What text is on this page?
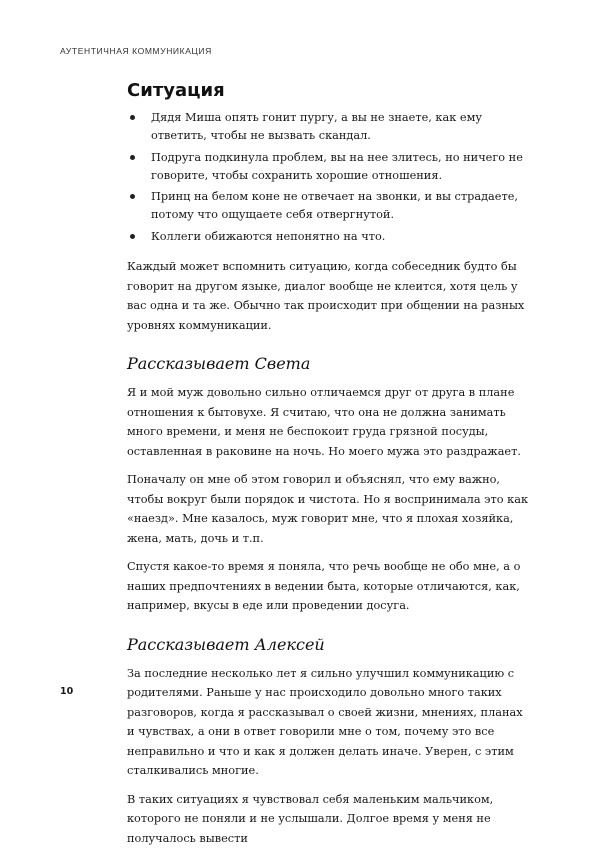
АУТЕНТИЧНАЯ КОММУНИКАЦИЯ
Ситуация

Дядя Миша опять гонит пургу, а вы не знаете, как ему ответить, чтобы не вызвать скандал.

Подруга подкинула проблем, вы на нее злитесь, но ничего не говорите, чтобы сохранить хорошие отношения.

Принц на белом коне не отвечает на звонки, и вы страдаете, потому что ощущаете себя отвергнутой.

Коллеги обижаются непонятно на что.

Каждый может вспомнить ситуацию, когда собеседник будто бы говорит на другом языке, диалог вообще не клеится, хотя цель у вас одна и та же. Обычно так происходит при общении на разных уровнях коммуникации.

Рассказывает Света

Я и мой муж довольно сильно отличаемся друг от друга в плане отношения к бытовухе. Я считаю, что она не должна занимать много времени, и меня не беспокоит груда грязной посуды, оставленная в раковине на ночь. Но моего мужа это раздражает.

Поначалу он мне об этом говорил и объяснял, что ему важно, чтобы вокруг были порядок и чистота. Но я воспринимала это как «наезд». Мне казалось, муж говорит мне, что я плохая хозяйка, жена, мать, дочь и т.п.

Спустя какое-то время я поняла, что речь вообще не обо мне, а о наших предпочтениях в ведении быта, которые отличаются, как, например, вкусы в еде или проведении досуга.

Рассказывает Алексей

За последние несколько лет я сильно улучшил коммуникацию с родителями. Раньше у нас происходило довольно много таких разговоров, когда я рассказывал о своей жизни, мнениях, планах и чувствах, а они в ответ говорили мне о том, почему это все неправильно и что и как я должен делать иначе. Уверен, с этим сталкивались многие.

В таких ситуациях я чувствовал себя маленьким мальчиком, которого не поняли и не услышали. Долгое время у меня не получалось вывести

10
